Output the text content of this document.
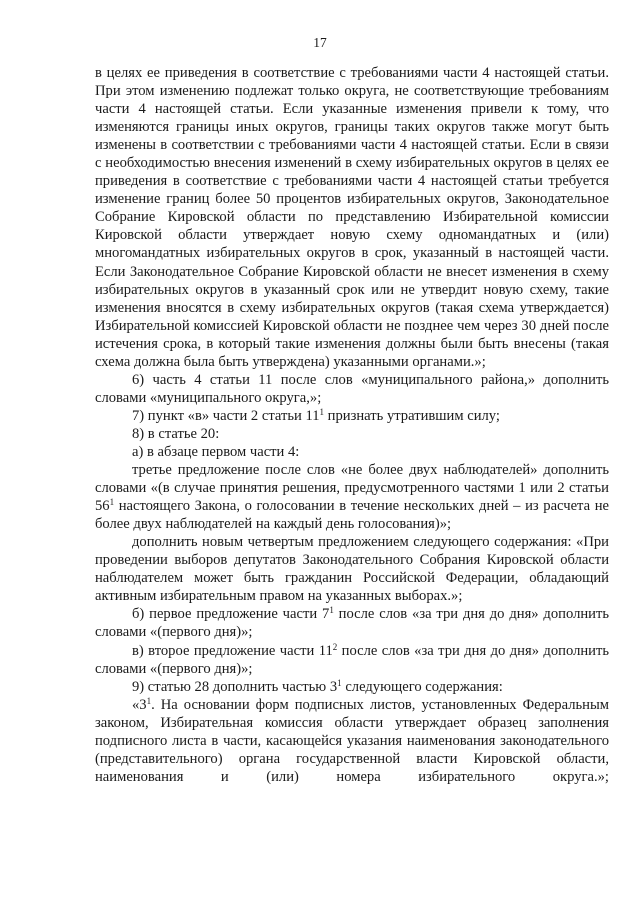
17

в целях ее приведения в соответствие с требованиями части 4 настоящей статьи. При этом изменению подлежат только округа, не соответствующие требованиям части 4 настоящей статьи. Если указанные изменения привели к тому, что изменяются границы иных округов, границы таких округов также могут быть изменены в соответствии с требованиями части 4 настоящей статьи. Если в связи с необходимостью внесения изменений в схему избирательных округов в целях ее приведения в соответствие с требованиями части 4 настоящей статьи требуется изменение границ более 50 процентов избирательных округов, Законодательное Собрание Кировской области по представлению Избирательной комиссии Кировской области утверждает новую схему одномандатных и (или) многомандатных избирательных округов в срок, указанный в настоящей части. Если Законодательное Собрание Кировской области не внесет изменения в схему избирательных округов в указанный срок или не утвердит новую схему, такие изменения вносятся в схему избирательных округов (такая схема утверждается) Избирательной комиссией Кировской области не позднее чем через 30 дней после истечения срока, в который такие изменения должны были быть внесены (такая схема должна была быть утверждена) указанными органами.»;

6) часть 4 статьи 11 после слов «муниципального района,» дополнить словами «муниципального округа,»;

7) пункт «в» части 2 статьи $11^1$ признать утратившим силу;

8) в статье 20:

а) в абзаце первом части 4:

третье предложение после слов «не более двух наблюдателей» дополнить словами «(в случае принятия решения, предусмотренного частями 1 или 2 статьи $56^1$ настоящего Закона, о голосовании в течение нескольких дней – из расчета не более двух наблюдателей на каждый день голосования)»;

дополнить новым четвертым предложением следующего содержания: «При проведении выборов депутатов Законодательного Собрания Кировской области наблюдателем может быть гражданин Российской Федерации, обладающий активным избирательным правом на указанных выборах.»;

б) первое предложение части $7^1$ после слов «за три дня до дня» дополнить словами «(первого дня)»;

в) второе предложение части $11^2$ после слов «за три дня до дня» дополнить словами «(первого дня)»;

9) статью 28 дополнить частью $3^1$ следующего содержания:

«$3^1$. На основании форм подписных листов, установленных Федеральным законом, Избирательная комиссия области утверждает образец заполнения подписного листа в части, касающейся указания наименования законодательного (представительного) органа государственной власти Кировской области, наименования и (или) номера избирательного округа.»;
